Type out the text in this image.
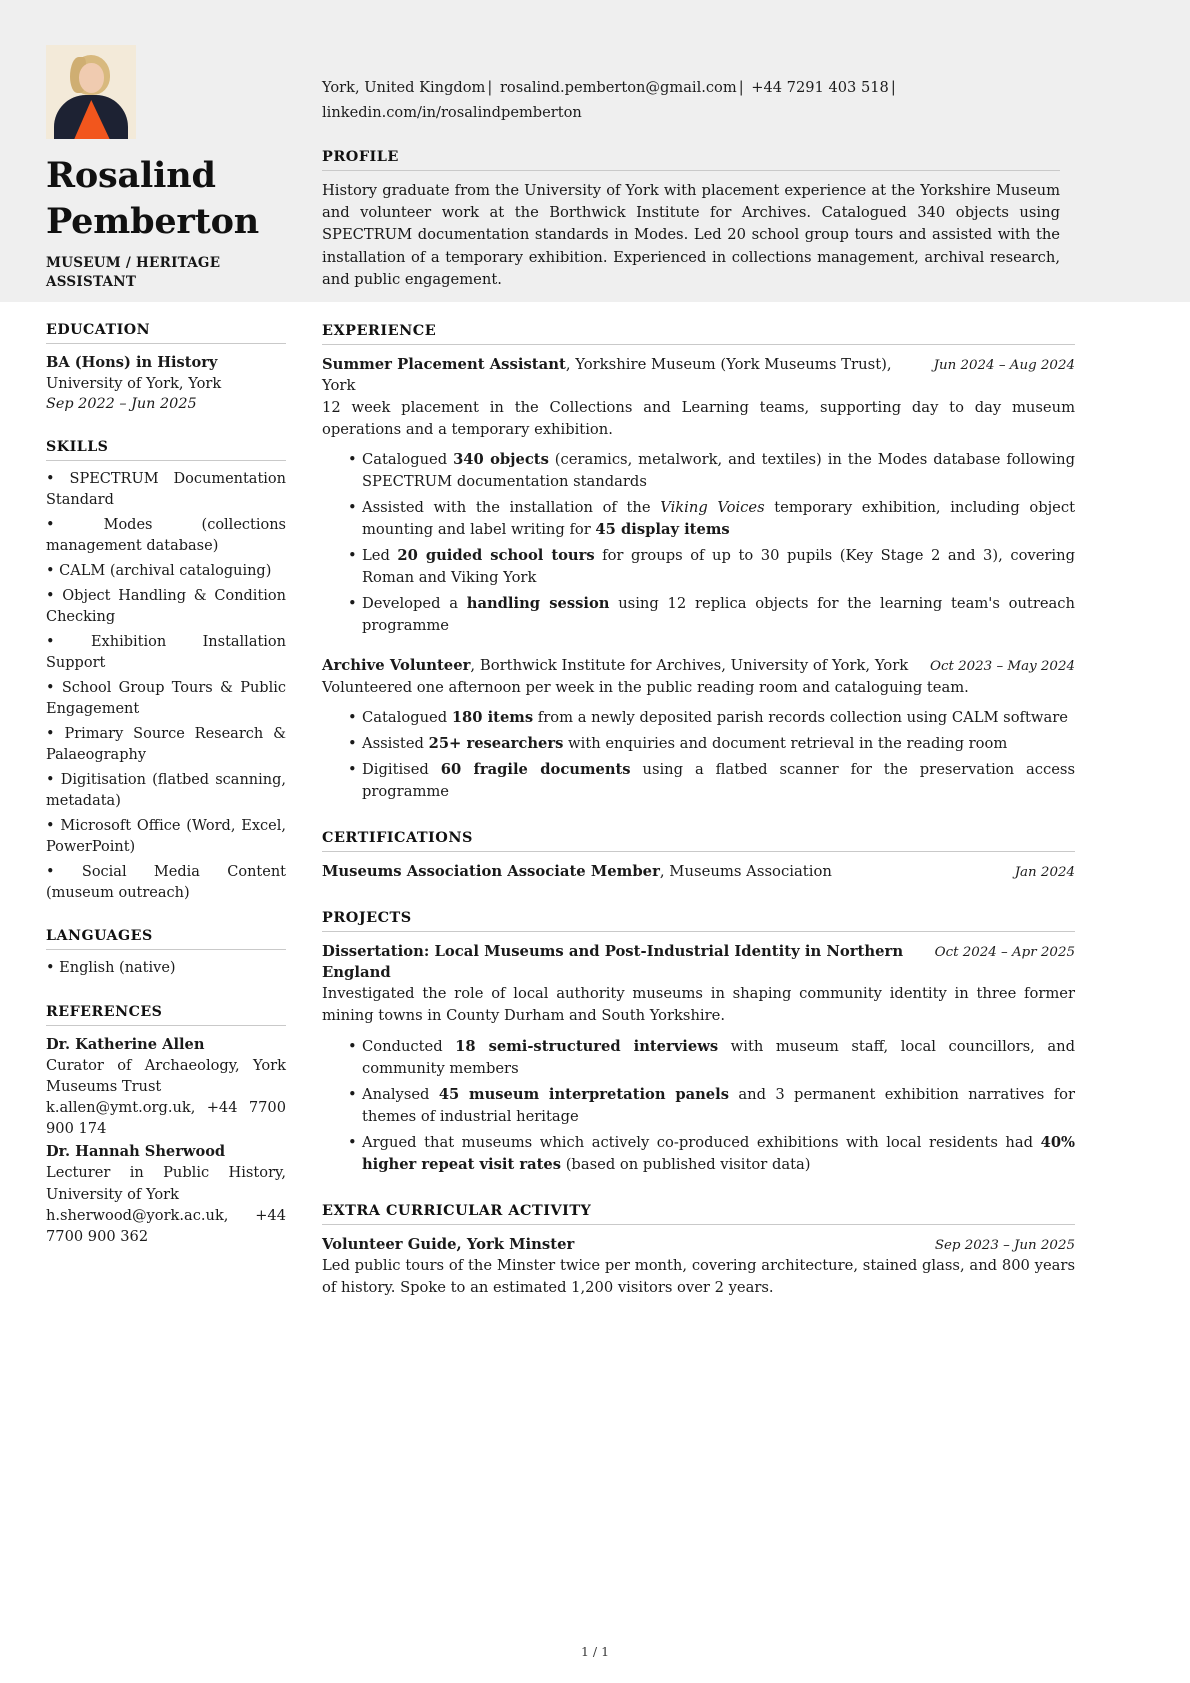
Rosalind
Pemberton
MUSEUM / HERITAGE ASSISTANT
York, United Kingdom | rosalind.pemberton@gmail.com | +44 7291 403 518 | linkedin.com/in/rosalindpemberton
PROFILE
History graduate from the University of York with placement experience at the Yorkshire Museum and volunteer work at the Borthwick Institute for Archives. Catalogued 340 objects using SPECTRUM documentation standards in Modes. Led 20 school group tours and assisted with the installation of a temporary exhibition. Experienced in collections management, archival research, and public engagement.
EDUCATION
BA (Hons) in History
University of York, York
Sep 2022 – Jun 2025
SKILLS
• SPECTRUM Documentation Standard
• Modes (collections management database)
• CALM (archival cataloguing)
• Object Handling & Condition Checking
• Exhibition Installation Support
• School Group Tours & Public Engagement
• Primary Source Research & Palaeography
• Digitisation (flatbed scanning, metadata)
• Microsoft Office (Word, Excel, PowerPoint)
• Social Media Content (museum outreach)
LANGUAGES
• English (native)
REFERENCES
Dr. Katherine Allen
Curator of Archaeology, York Museums Trust
k.allen@ymt.org.uk, +44 7700 900 174
Dr. Hannah Sherwood
Lecturer in Public History, University of York
h.sherwood@york.ac.uk, +44 7700 900 362
EXPERIENCE
Summer Placement Assistant, Yorkshire Museum (York Museums Trust), York
Jun 2024 – Aug 2024
12 week placement in the Collections and Learning teams, supporting day to day museum operations and a temporary exhibition.
• Catalogued 340 objects (ceramics, metalwork, and textiles) in the Modes database following SPECTRUM documentation standards
• Assisted with the installation of the Viking Voices temporary exhibition, including object mounting and label writing for 45 display items
• Led 20 guided school tours for groups of up to 30 pupils (Key Stage 2 and 3), covering Roman and Viking York
• Developed a handling session using 12 replica objects for the learning team's outreach programme
Archive Volunteer, Borthwick Institute for Archives, University of York, York	Oct 2023 – May 2024
Volunteered one afternoon per week in the public reading room and cataloguing team.
• Catalogued 180 items from a newly deposited parish records collection using CALM software
• Assisted 25+ researchers with enquiries and document retrieval in the reading room
• Digitised 60 fragile documents using a flatbed scanner for the preservation access programme
CERTIFICATIONS
Museums Association Associate Member, Museums Association	Jan 2024
PROJECTS
Dissertation: Local Museums and Post-Industrial Identity in Northern England
Oct 2024 – Apr 2025
Investigated the role of local authority museums in shaping community identity in three former mining towns in County Durham and South Yorkshire.
• Conducted 18 semi-structured interviews with museum staff, local councillors, and community members
• Analysed 45 museum interpretation panels and 3 permanent exhibition narratives for themes of industrial heritage
• Argued that museums which actively co-produced exhibitions with local residents had 40% higher repeat visit rates (based on published visitor data)
EXTRA CURRICULAR ACTIVITY
Volunteer Guide, York Minster	Sep 2023 – Jun 2025
Led public tours of the Minster twice per month, covering architecture, stained glass, and 800 years of history. Spoke to an estimated 1,200 visitors over 2 years.
1 / 1
